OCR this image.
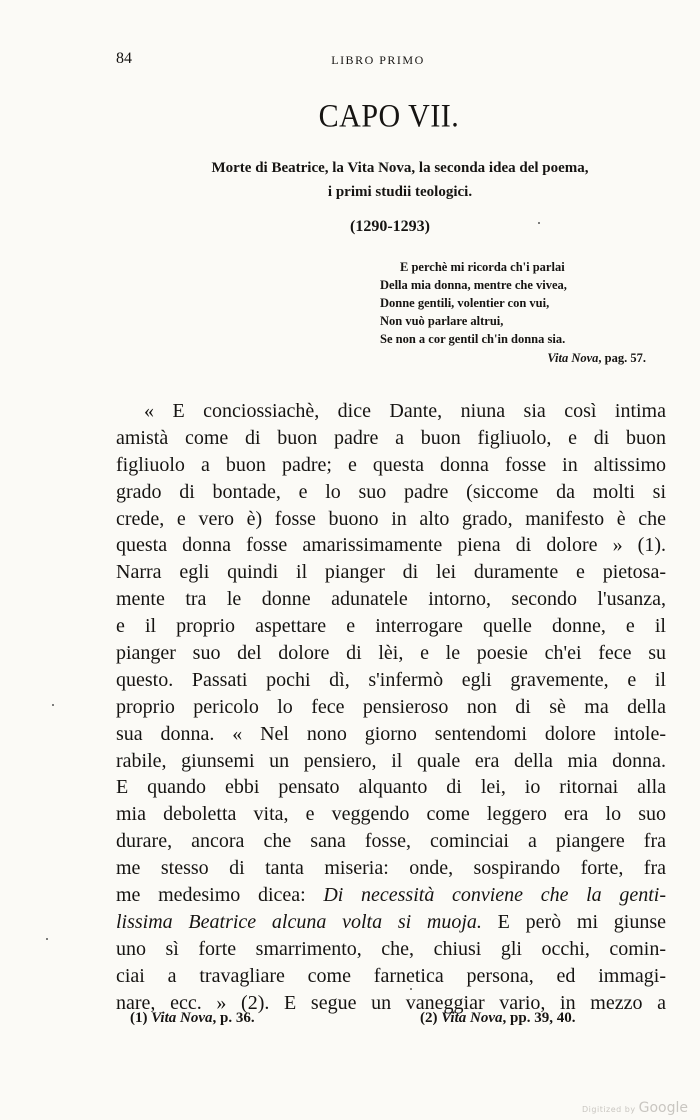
84	LIBRO PRIMO
CAPO VII.
Morte di Beatrice, la Vita Nova, la seconda idea del poema,
i primi studii teologici.
(1290-1293)
E perchè mi ricorda ch'i parlai
Della mia donna, mentre che vivea,
Donne gentili, volentier con vui,
Non vuò parlare altrui,
Se non a cor gentil ch'in donna sia.
Vita Nova, pag. 57.
« E conciossiachè, dice Dante, niuna sia così intima
amistà come di buon padre a buon figliuolo, e di buon
figliuolo a buon padre; e questa donna fosse in altissimo
grado di bontade, e lo suo padre (siccome da molti si
crede, e vero è) fosse buono in alto grado, manifesto è che
questa donna fosse amarissimamente piena di dolore » (1).
Narra egli quindi il pianger di lei duramente e pietosa-
mente tra le donne adunatele intorno, secondo l'usanza,
e il proprio aspettare e interrogare quelle donne, e il
pianger suo del dolore di lèi, e le poesie ch'ei fece su
questo. Passati pochi dì, s'infermò egli gravemente, e il
proprio pericolo lo fece pensieroso non di sè ma della
sua donna. « Nel nono giorno sentendomi dolore intole-
rabile, giunsemi un pensiero, il quale era della mia donna.
E quando ebbi pensato alquanto di lei, io ritornai alla
mia deboletta vita, e veggendo come leggero era lo suo
durare, ancora che sana fosse, cominciai a piangere fra
me stesso di tanta miseria: onde, sospirando forte, fra
me medesimo dicea: Di necessità conviene che la genti-
lissima Beatrice alcuna volta si muoja. E però mi giunse
uno sì forte smarrimento, che, chiusi gli occhi, comin-
ciai a travagliare come farnetica persona, ed immagi-
nare, ecc. » (2). E segue un vaneggiar vario, in mezzo a
(1) Vita Nova, p. 36.	(2) Vita Nova, pp. 39, 40.
Digitized by Google
